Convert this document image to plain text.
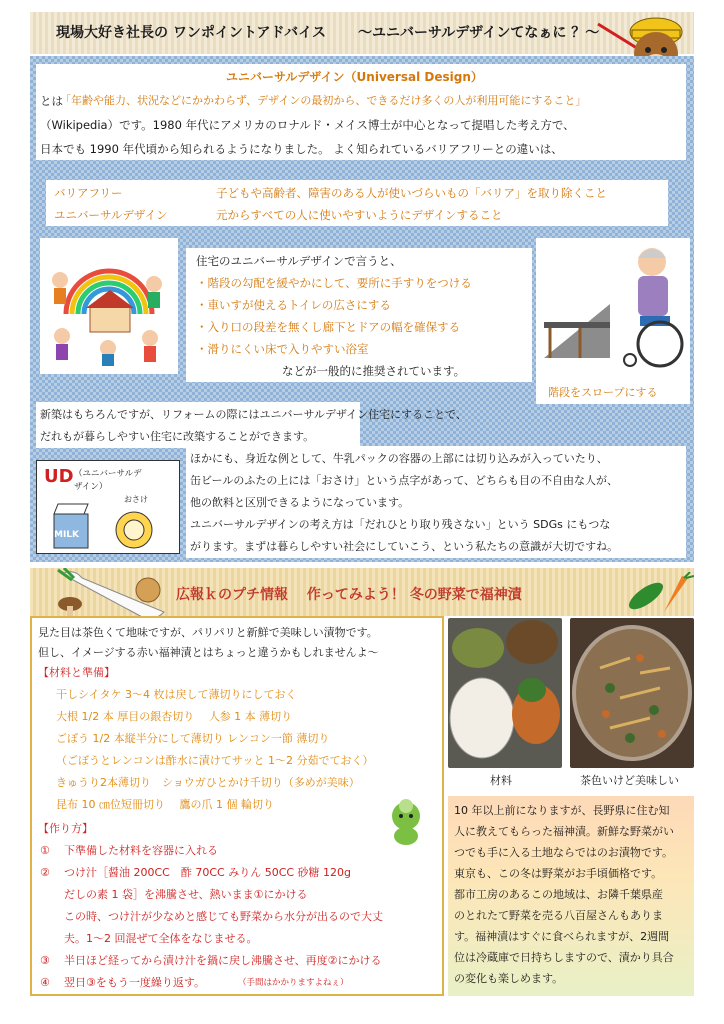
現場大好き社長の ワンポイントアドバイス ～ユニバーサルデザインてなぁに ？～
ユニバーサルデザイン（Universal Design）
とは
「年齢や能力、状況などにかかわらず、デザインの最初から、できるだけ多くの人が利用可能にすること」
（Wikipedia）です。1980 年代にアメリカのロナルド・メイス博士が中心となって提唱した考え方で、
日本でも 1990 年代頃から知られるようになりました。 よく知られているバリアフリーとの違いは、
バリアフリー	子どもや高齢者、障害のある人が使いづらいもの「バリア」を取り除くこと
ユニバーサルデザイン	元からすべての人に使いやすいようにデザインすること
住宅のユニバーサルデザインで言うと、
・階段の勾配を緩やかにして、要所に手すりをつける
・車いすが使えるトイレの広さにする
・入り口の段差を無くし廊下とドアの幅を確保する
・滑りにくい床で入りやすい浴室
などが一般的に推奨されています。
階段をスロープにする
新築はもちろんですが、リフォームの際にはユニバーサルデザイン住宅にすることで、
だれもが暮らしやすい住宅に改築することができます。
UD （ユニバーサルデザイン）
MILK
おさけ
ほかにも、身近な例として、牛乳パックの容器の上部には切り込みが入っていたり、
缶ビールのふたの上には「おさけ」という点字があって、どちらも目の不自由な人が、
他の飲料と区別できるようになっています。
ユニバーサルデザインの考え方は「だれひとり取り残さない」という SDGs にもつな
がります。まずは暮らしやすい社会にしていこう、という私たちの意識が大切ですね。
広報ｋのプチ情報　 作ってみよう！ 冬の野菜で福神漬
見た目は茶色くて地味ですが、パリパリと新鮮で美味しい漬物です。
但し、イメージする赤い福神漬とはちょっと違うかもしれませんよ～
【材料と準備】
干しシイタケ 3～4 枚は戻して薄切りにしておく
大根 1/2 本 厚目の銀杏切り　 人参 1 本 薄切り
ごぼう 1/2 本縦半分にして薄切り レンコン一節 薄切り
（ごぼうとレンコンは酢水に漬けてサッと 1～2 分茹でておく）
きゅうり2本薄切り　ショウガひとかけ千切り（多めが美味）
昆布 10 ㎝位短冊切り　 鷹の爪 1 個 輪切り
【作り方】
① 下準備した材料を容器に入れる
② つけ汁［醤油 200CC　酢 70CC みりん 50CC 砂糖 120g
だしの素 1 袋］を沸騰させ、熱いまま①にかける
この時、つけ汁が少なめと感じても野菜から水分が出るので大丈
夫。1～2 回混ぜて全体をなじませる。
③ 半日ほど経ってから漬け汁を鍋に戻し沸騰させ、再度②にかける
④ 翌日③をもう一度繰り返す。	（手間はかかりますよねぇ）
材料	茶色いけど美味しい
10 年以上前になりますが、長野県に住む知
人に教えてもらった福神漬。新鮮な野菜がい
つでも手に入る土地ならではのお漬物です。
東京も、この冬は野菜がお手頃価格です。
都市工房のあるこの地域は、お隣千葉県産
のとれたて野菜を売る八百屋さんもありま
す。福神漬はすぐに食べられますが、2週間
位は冷蔵庫で日持ちしますので、漬かり具合
の変化も楽しめます。
